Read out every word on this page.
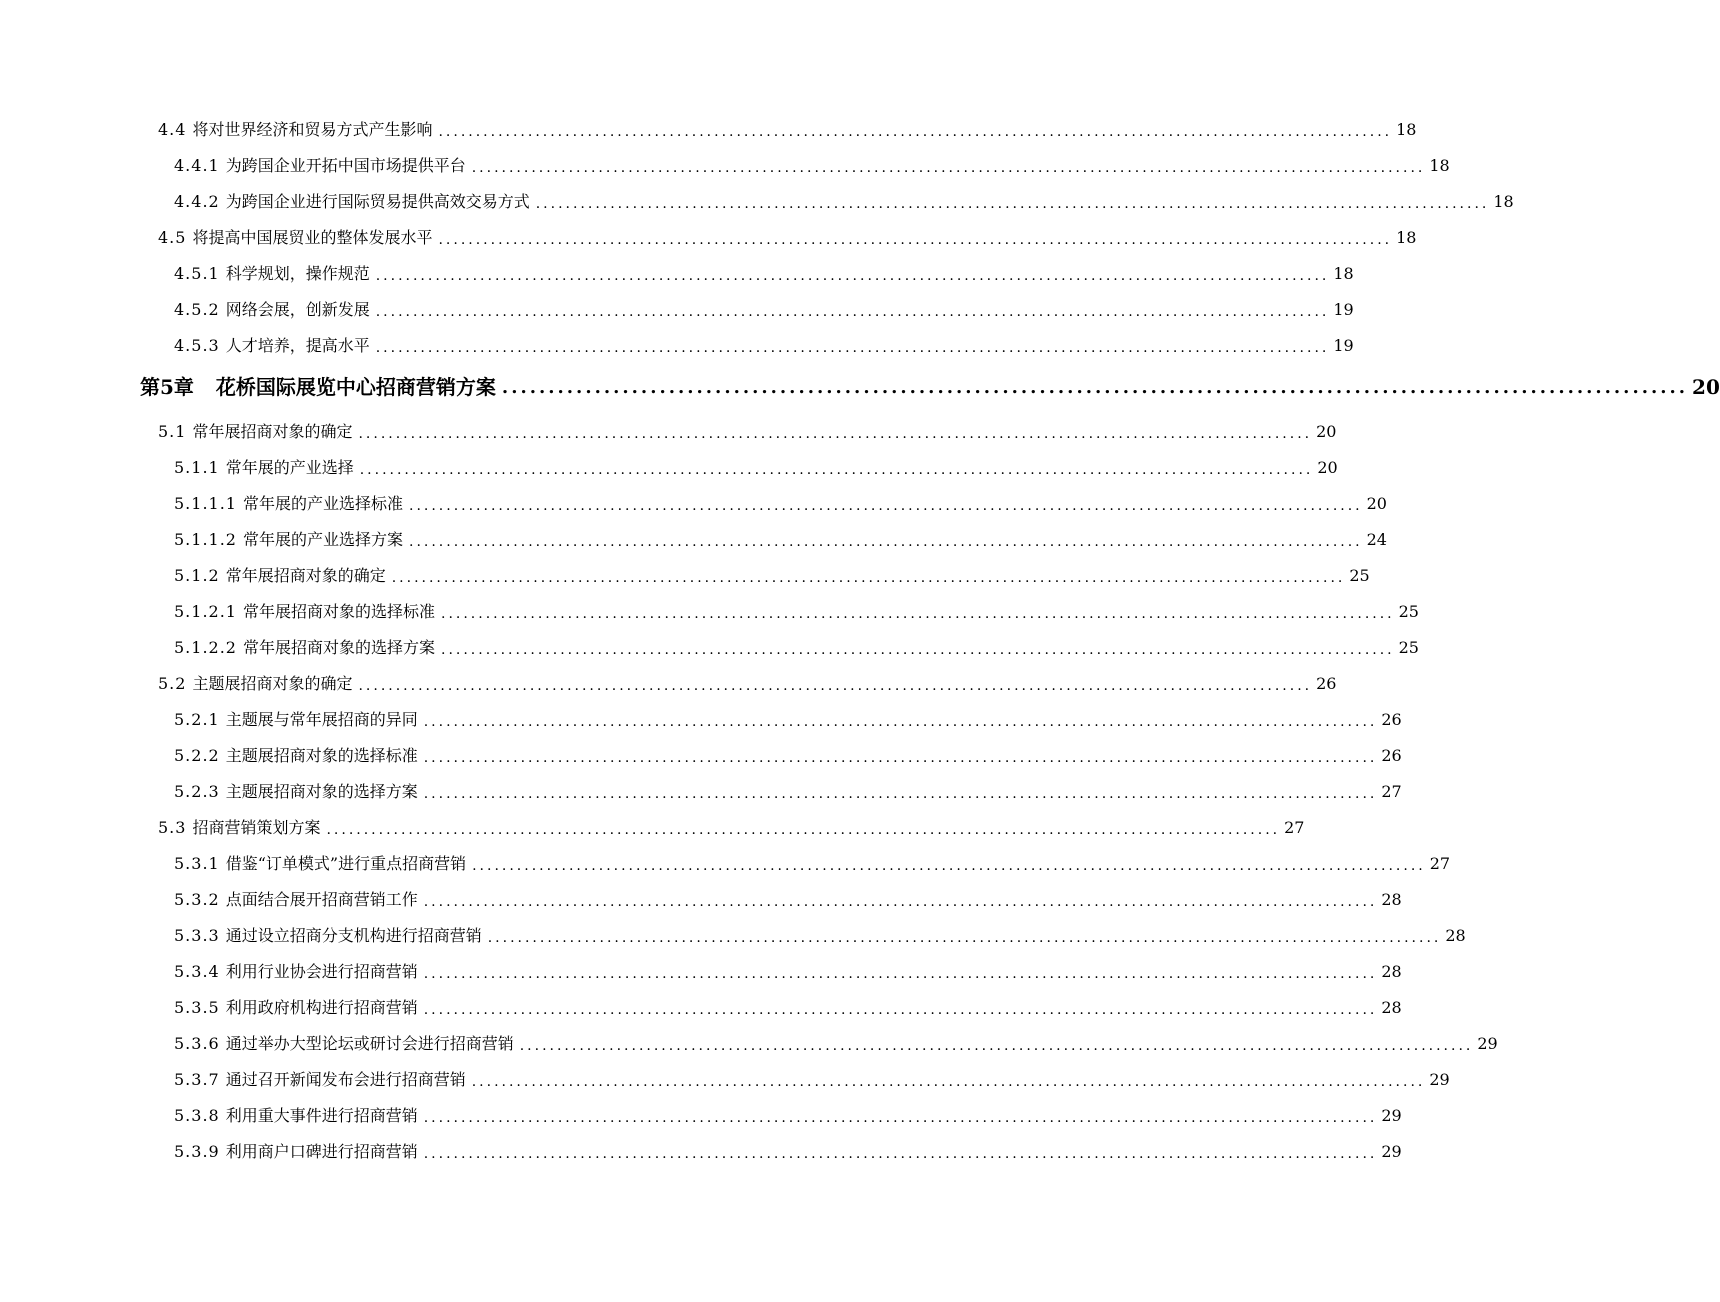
4.4 将对世界经济和贸易方式产生影响 ................................................................................................................................ 18
4.4.1 为跨国企业开拓中国市场提供平台 ................................................................................................................................ 18
4.4.2 为跨国企业进行国际贸易提供高效交易方式 ................................................................................................................................ 18
4.5 将提高中国展贸业的整体发展水平 ................................................................................................................................ 18
4.5.1 科学规划，操作规范 ................................................................................................................................ 18
4.5.2 网络会展，创新发展 ................................................................................................................................ 19
4.5.3 人才培养，提高水平 ................................................................................................................................ 19
第5章 花桥国际展览中心招商营销方案 ................................................................................................................................ 20
5.1 常年展招商对象的确定 ................................................................................................................................ 20
5.1.1 常年展的产业选择 ................................................................................................................................ 20
5.1.1.1 常年展的产业选择标准 ................................................................................................................................ 20
5.1.1.2 常年展的产业选择方案 ................................................................................................................................ 24
5.1.2 常年展招商对象的确定 ................................................................................................................................ 25
5.1.2.1 常年展招商对象的选择标准 ................................................................................................................................ 25
5.1.2.2 常年展招商对象的选择方案 ................................................................................................................................ 25
5.2 主题展招商对象的确定 ................................................................................................................................ 26
5.2.1 主题展与常年展招商的异同 ................................................................................................................................ 26
5.2.2 主题展招商对象的选择标准 ................................................................................................................................ 26
5.2.3 主题展招商对象的选择方案 ................................................................................................................................ 27
5.3 招商营销策划方案 ................................................................................................................................ 27
5.3.1 借鉴“订单模式”进行重点招商营销 ................................................................................................................................ 27
5.3.2 点面结合展开招商营销工作 ................................................................................................................................ 28
5.3.3 通过设立招商分支机构进行招商营销 ................................................................................................................................ 28
5.3.4 利用行业协会进行招商营销 ................................................................................................................................ 28
5.3.5 利用政府机构进行招商营销 ................................................................................................................................ 28
5.3.6 通过举办大型论坛或研讨会进行招商营销 ................................................................................................................................ 29
5.3.7 通过召开新闻发布会进行招商营销 ................................................................................................................................ 29
5.3.8 利用重大事件进行招商营销 ................................................................................................................................ 29
5.3.9 利用商户口碑进行招商营销 ................................................................................................................................ 29
